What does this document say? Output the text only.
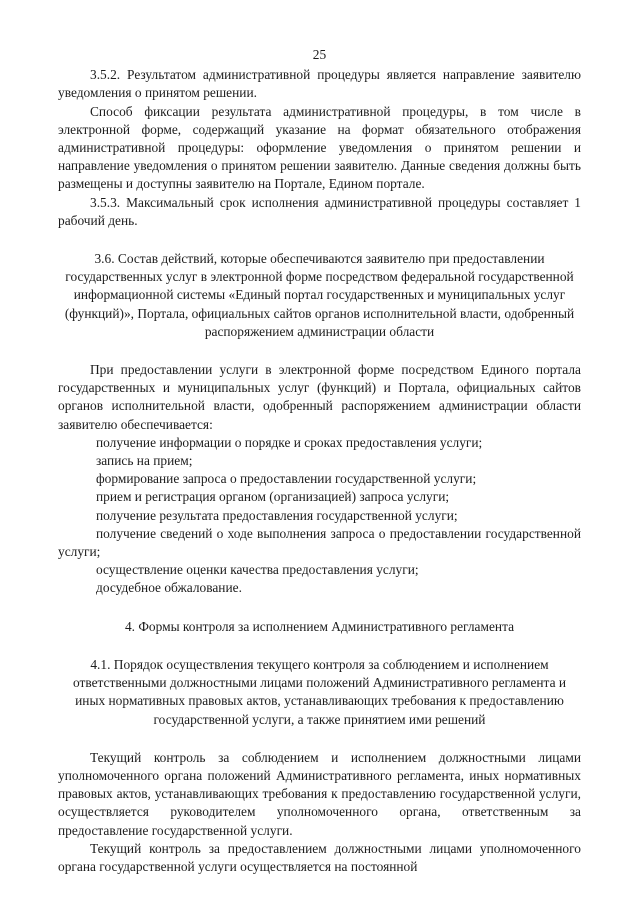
25

3.5.2. Результатом административной процедуры является направление заявителю уведомления о принятом решении.

Способ фиксации результата административной процедуры, в том числе в электронной форме, содержащий указание на формат обязательного отображения административной процедуры: оформление уведомления о принятом решении и направление уведомления о принятом решении заявителю. Данные сведения должны быть размещены и доступны заявителю на Портале, Едином портале.

3.5.3. Максимальный срок исполнения административной процедуры составляет 1 рабочий день.

3.6. Состав действий, которые обеспечиваются заявителю при предоставлении государственных услуг в электронной форме посредством федеральной государственной информационной системы «Единый портал государственных и муниципальных услуг (функций)», Портала, официальных сайтов органов исполнительной власти, одобренный распоряжением администрации области

При предоставлении услуги в электронной форме посредством Единого портала государственных и муниципальных услуг (функций) и Портала, официальных сайтов органов исполнительной власти, одобренный распоряжением администрации области заявителю обеспечивается:

получение информации о порядке и сроках предоставления услуги;

запись на прием;

формирование запроса о предоставлении государственной услуги;

прием и регистрация органом (организацией) запроса услуги;

получение результата предоставления государственной услуги;

получение сведений о ходе выполнения запроса о предоставлении государственной услуги;

осуществление оценки качества предоставления услуги;

досудебное обжалование.

4. Формы контроля за исполнением Административного регламента

4.1. Порядок осуществления текущего контроля за соблюдением и исполнением ответственными должностными лицами положений Административного регламента и иных нормативных правовых актов, устанавливающих требования к предоставлению государственной услуги, а также принятием ими решений

Текущий контроль за соблюдением и исполнением должностными лицами уполномоченного органа положений Административного регламента, иных нормативных правовых актов, устанавливающих требования к предоставлению государственной услуги, осуществляется руководителем уполномоченного органа, ответственным за предоставление государственной услуги.

Текущий контроль за предоставлением должностными лицами уполномоченного органа государственной услуги осуществляется на постоянной
